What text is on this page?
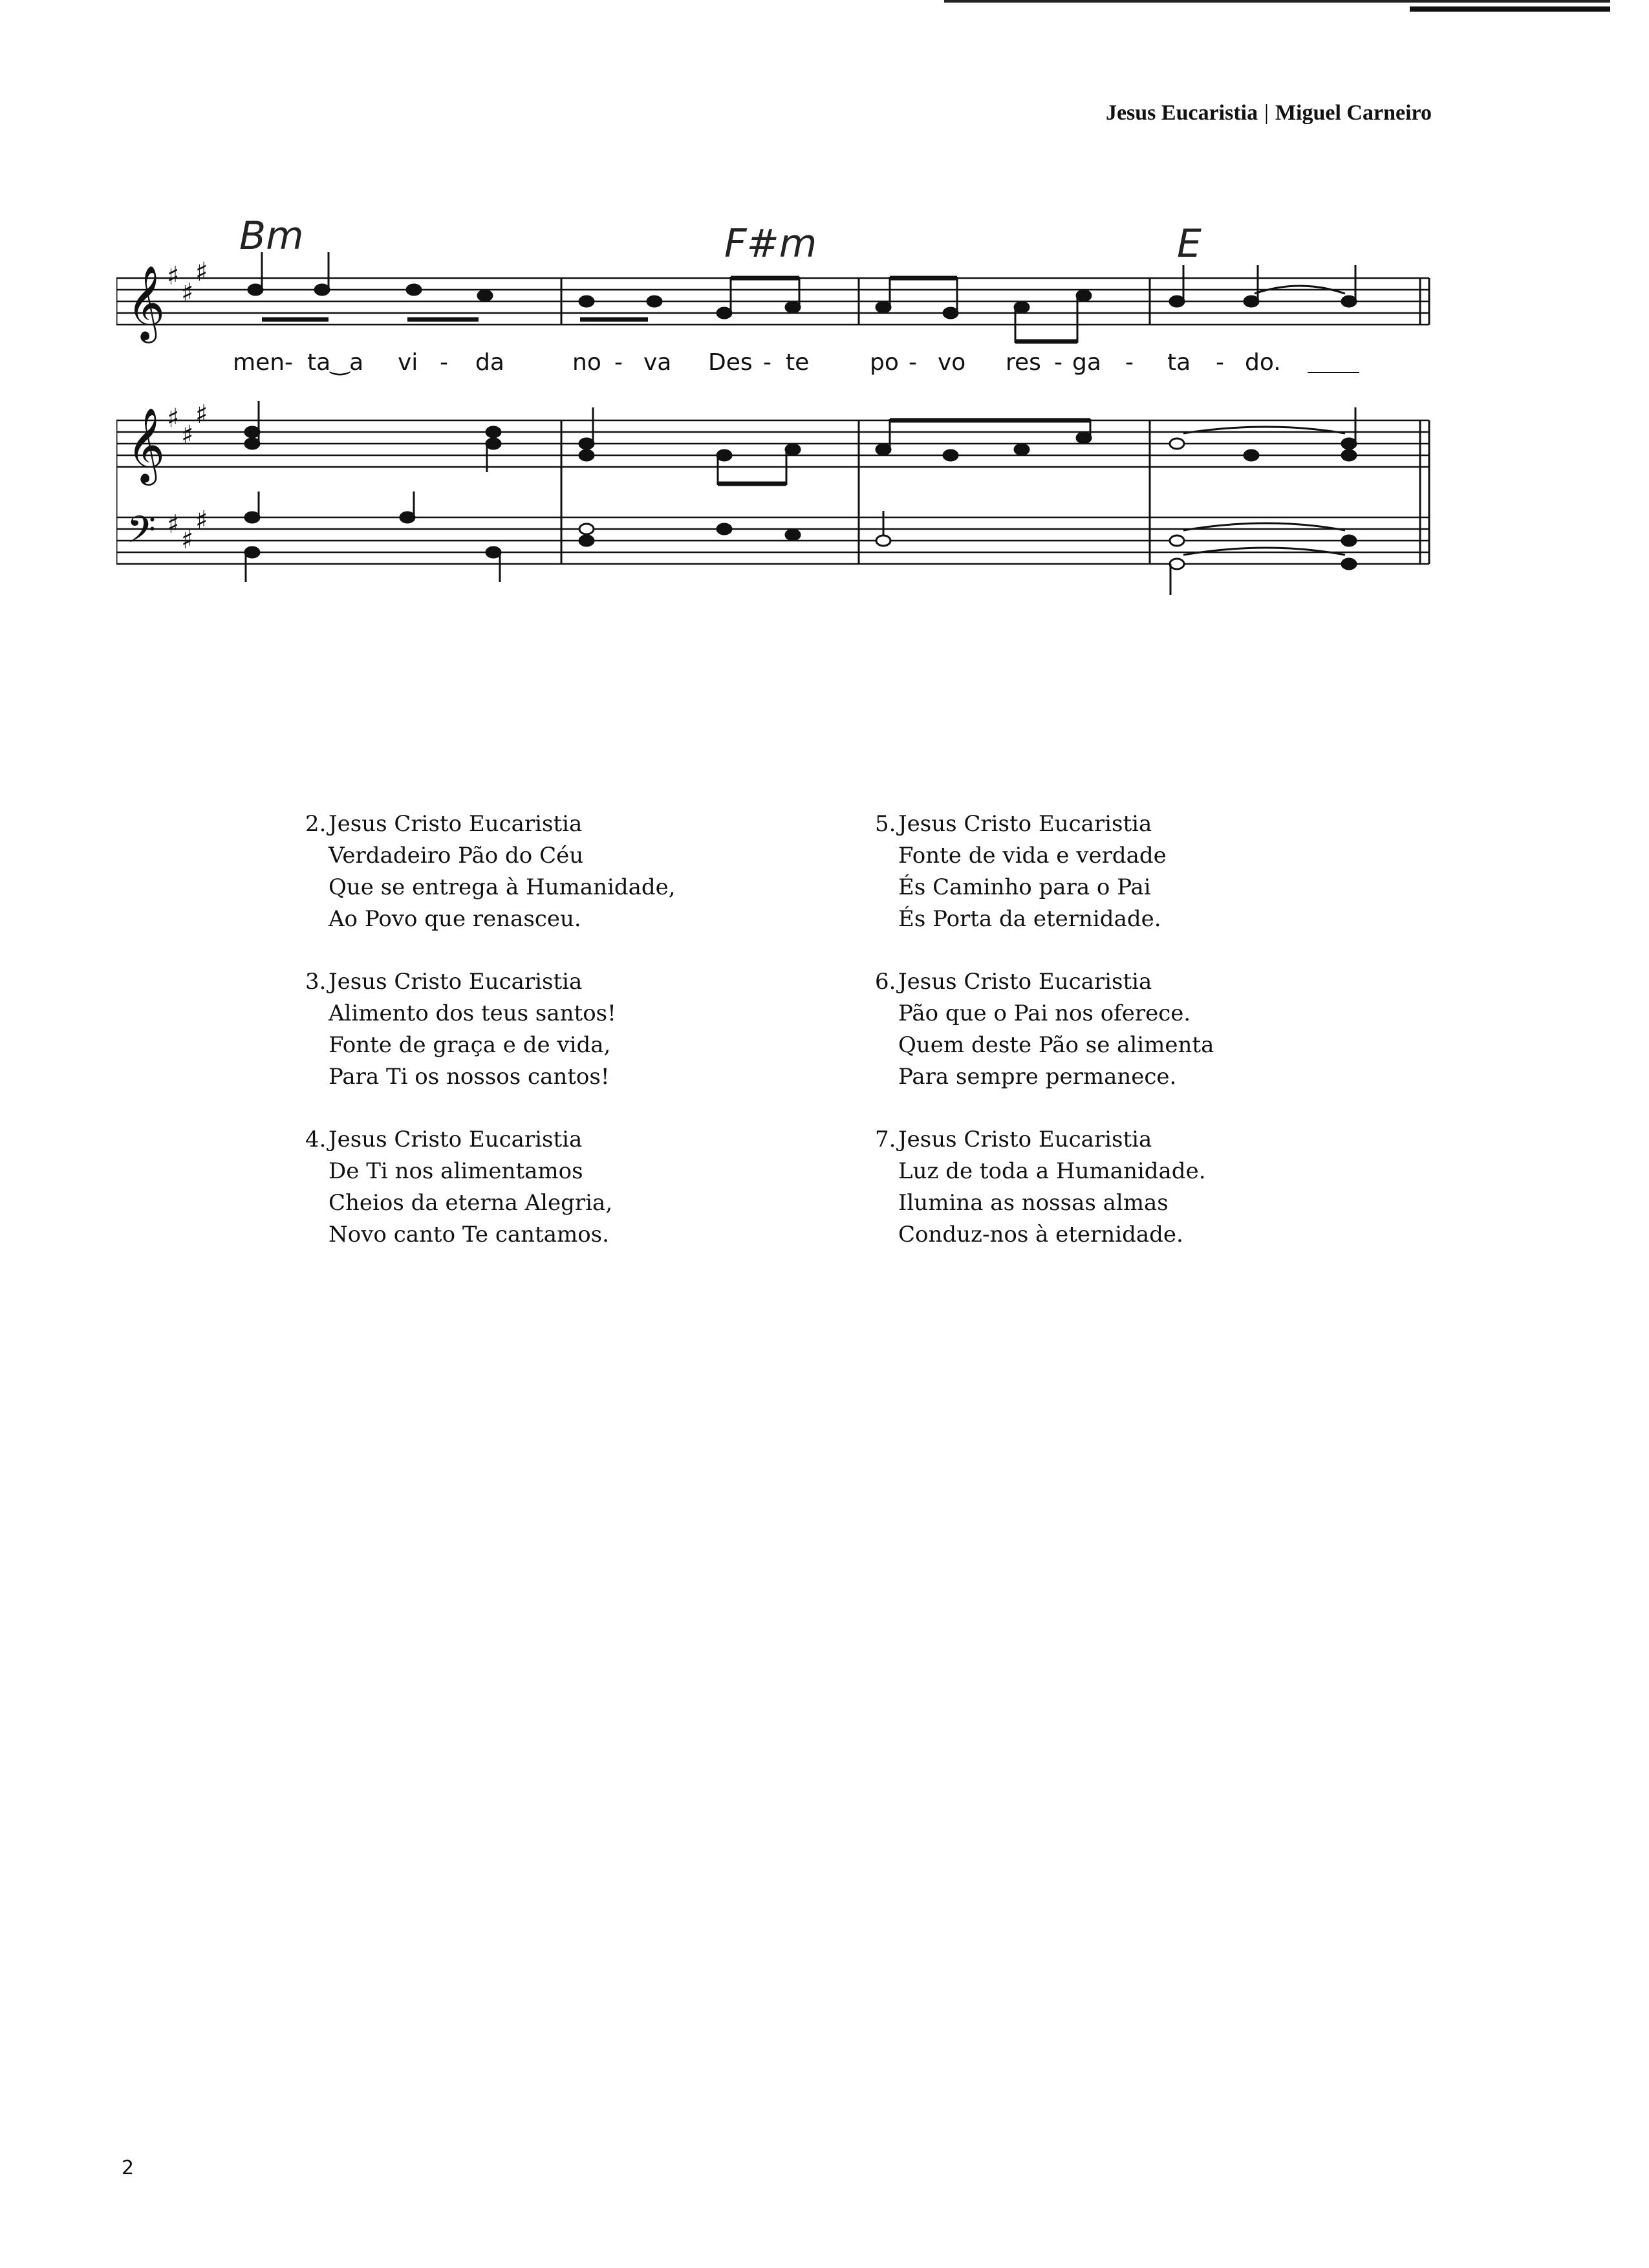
Jesus Eucaristia | Miguel Carneiro
Bm	F#m	E
𝄞
𝄞
𝄢
♯
♯
♯
♯
♯
♯
♯
♯
♯
men - ta‿a vi - da	no - va Des - te	po - vo res - ga - ta - do.
2. Jesus Cristo Eucaristia
Verdadeiro Pão do Céu
Que se entrega à Humanidade,
Ao Povo que renasceu.
3. Jesus Cristo Eucaristia
Alimento dos teus santos!
Fonte de graça e de vida,
Para Ti os nossos cantos!
4. Jesus Cristo Eucaristia
De Ti nos alimentamos
Cheios da eterna Alegria,
Novo canto Te cantamos.
5. Jesus Cristo Eucaristia
Fonte de vida e verdade
És Caminho para o Pai
És Porta da eternidade.
6. Jesus Cristo Eucaristia
Pão que o Pai nos oferece.
Quem deste Pão se alimenta
Para sempre permanece.
7. Jesus Cristo Eucaristia
Luz de toda a Humanidade.
Ilumina as nossas almas
Conduz-nos à eternidade.
2
